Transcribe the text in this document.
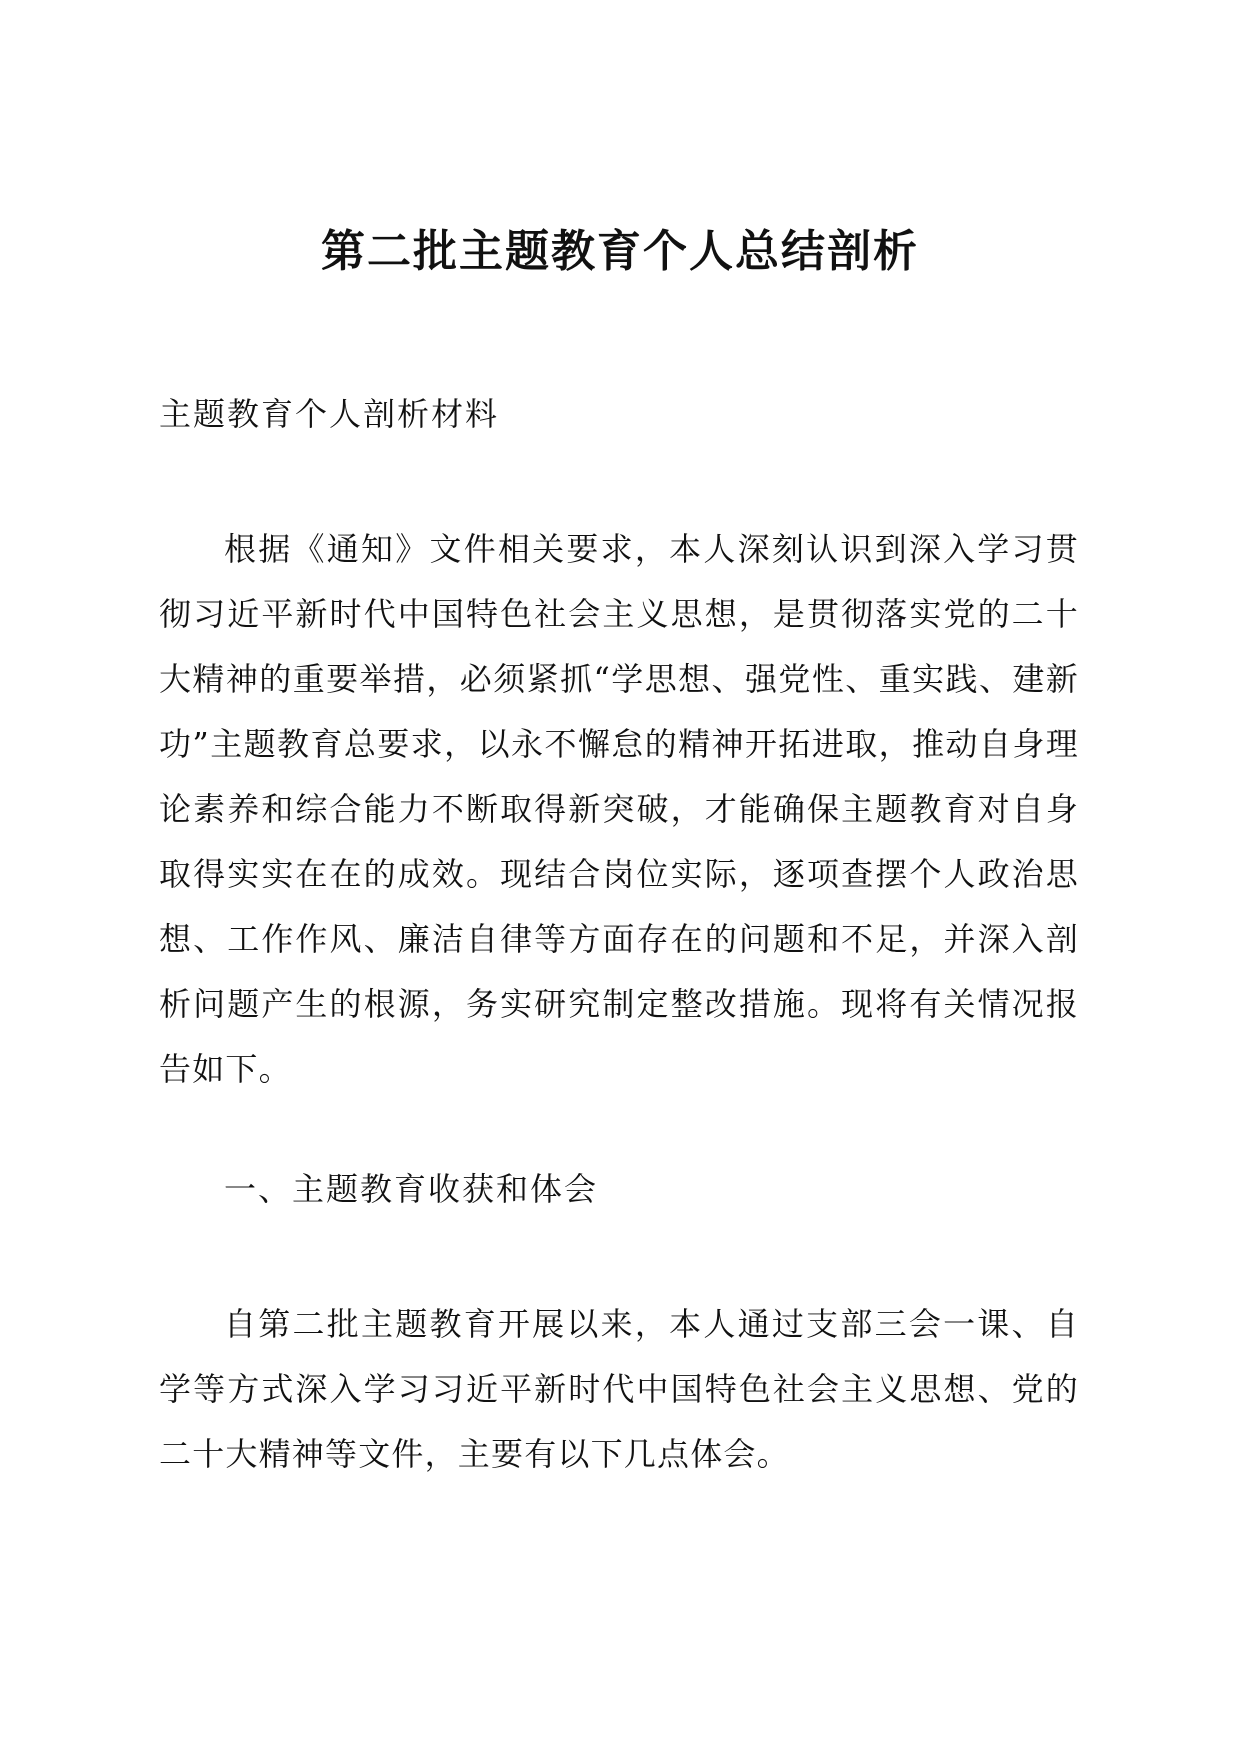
第二批主题教育个人总结剖析

主题教育个人剖析材料

根据《通知》文件相关要求，本人深刻认识到深入学习贯彻习近平新时代中国特色社会主义思想，是贯彻落实党的二十大精神的重要举措，必须紧抓“学思想、强党性、重实践、建新功”主题教育总要求，以永不懈怠的精神开拓进取，推动自身理论素养和综合能力不断取得新突破，才能确保主题教育对自身取得实实在在的成效。现结合岗位实际，逐项查摆个人政治思想、工作作风、廉洁自律等方面存在的问题和不足，并深入剖析问题产生的根源，务实研究制定整改措施。现将有关情况报告如下。

一、主题教育收获和体会

自第二批主题教育开展以来，本人通过支部三会一课、自学等方式深入学习习近平新时代中国特色社会主义思想、党的二十大精神等文件，主要有以下几点体会。
